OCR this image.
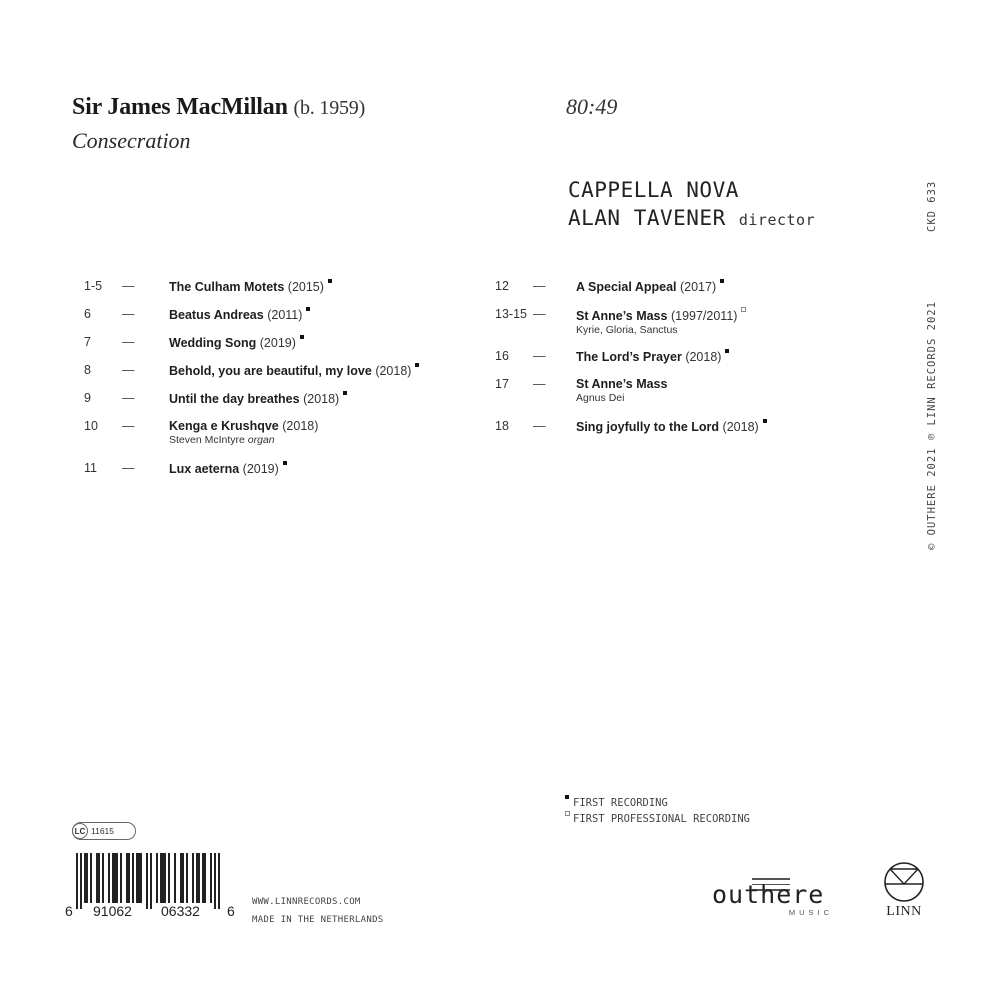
Sir James MacMillan (b. 1959)
Consecration
80:49
CAPPELLA NOVA
ALAN TAVENER director	CKD 633
© OUTHERE 2021 ℗ LINN RECORDS 2021
1-5	—	The Culham Motets (2015)
6	—	Beatus Andreas (2011)
7	—	Wedding Song (2019)
8	—	Behold, you are beautiful, my love (2018)
9	—	Until the day breathes (2018)
10	—	Kenga e Krushqve (2018)
Steven McIntyre organ
11	—	Lux aeterna (2019)
12	— A Special Appeal (2017)
13-15 — St Anne’s Mass (1997/2011)
Kyrie, Gloria, Sanctus
16	— The Lord’s Prayer (2018)
17	— St Anne’s Mass
Agnus Dei
18	— Sing joyfully to the Lord (2018)
FIRST RECORDING
FIRST PROFESSIONAL RECORDING
LC 11615
6 91062 06332 6
WWW.LINNRECORDS.COM
MADE IN THE NETHERLANDS
outhere
MUSIC	LINN
